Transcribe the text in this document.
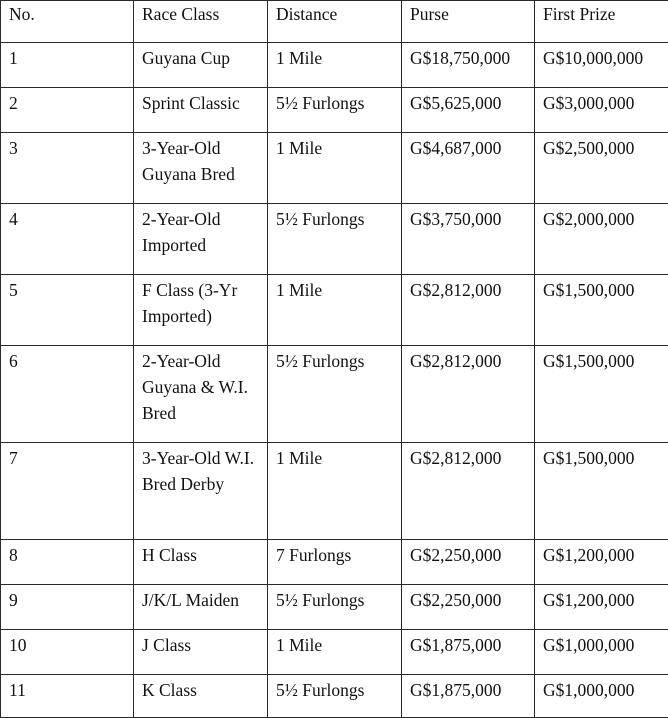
No.	Race Class	Distance	Purse	First Prize
1	Guyana Cup	1 Mile	G$18,750,000	G$10,000,000
2	Sprint Classic	5½ Furlongs	G$5,625,000	G$3,000,000
3	3-Year-Old Guyana Bred	1 Mile	G$4,687,000	G$2,500,000
4	2-Year-Old Imported	5½ Furlongs	G$3,750,000	G$2,000,000
5	F Class (3-Yr Imported)	1 Mile	G$2,812,000	G$1,500,000
6	2-Year-Old Guyana & W.I. Bred	5½ Furlongs	G$2,812,000	G$1,500,000
7	3-Year-Old W.I. Bred Derby	1 Mile	G$2,812,000	G$1,500,000
8	H Class	7 Furlongs	G$2,250,000	G$1,200,000
9	J/K/L Maiden	5½ Furlongs	G$2,250,000	G$1,200,000
10	J Class	1 Mile	G$1,875,000	G$1,000,000
11	K Class	5½ Furlongs	G$1,875,000	G$1,000,000
